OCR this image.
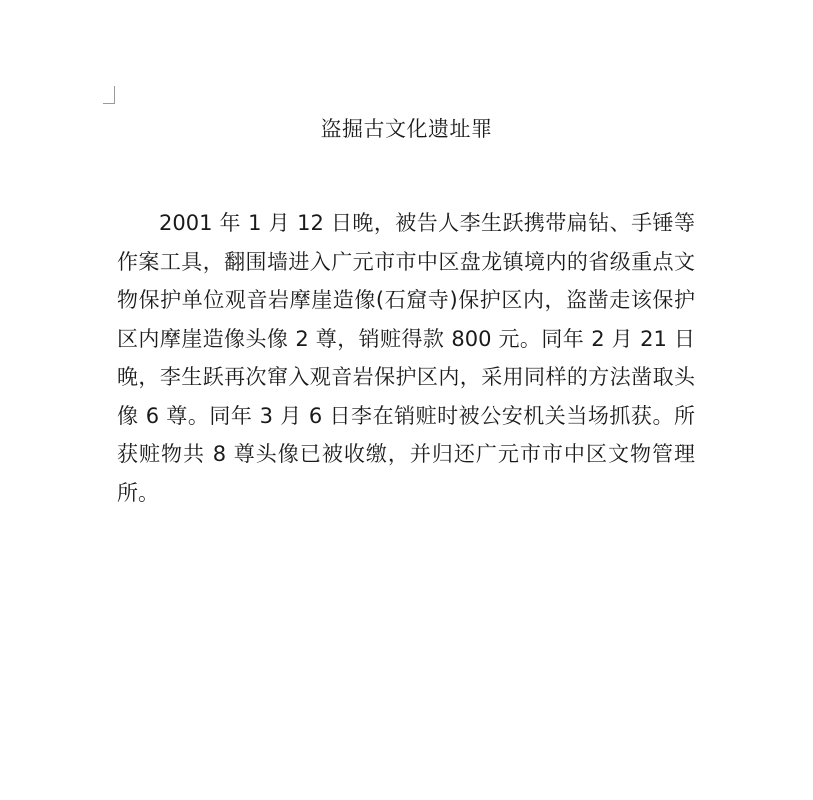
盗掘古文化遗址罪

2001 年 1 月 12 日晚，被告人李生跃携带扁钻、手锤等作案工具，翻围墙进入广元市市中区盘龙镇境内的省级重点文物保护单位观音岩摩崖造像(石窟寺)保护区内，盗凿走该保护区内摩崖造像头像 2 尊，销赃得款 800 元。同年 2 月 21 日晚，李生跃再次窜入观音岩保护区内，采用同样的方法凿取头像 6 尊。同年 3 月 6 日李在销赃时被公安机关当场抓获。所获赃物共 8 尊头像已被收缴，并归还广元市市中区文物管理所。
